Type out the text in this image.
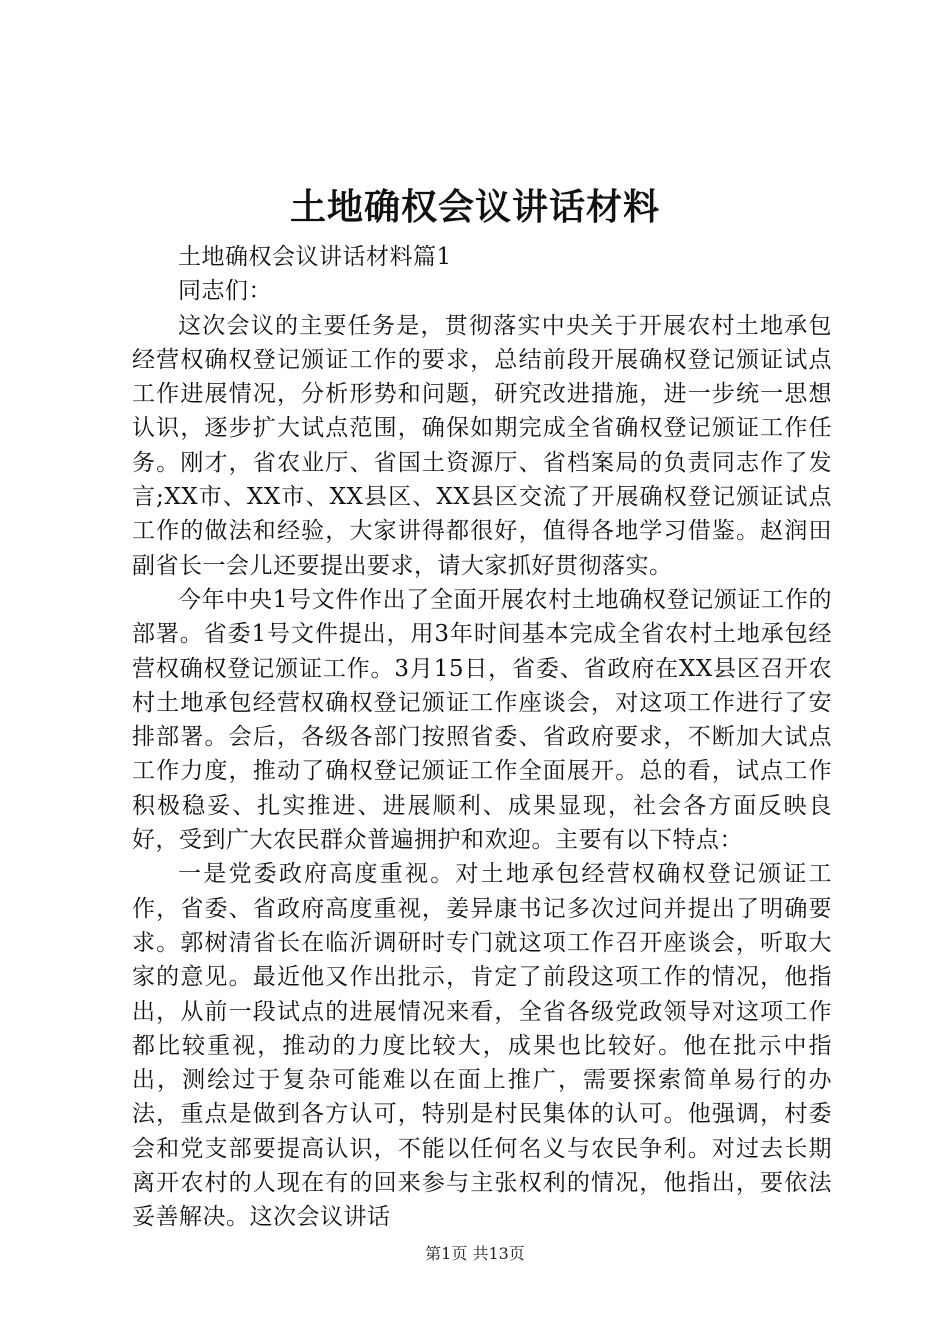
土地确权会议讲话材料

土地确权会议讲话材料篇1

同志们：

这次会议的主要任务是，贯彻落实中央关于开展农村土地承包经营权确权登记颁证工作的要求，总结前段开展确权登记颁证试点工作进展情况，分析形势和问题，研究改进措施，进一步统一思想认识，逐步扩大试点范围，确保如期完成全省确权登记颁证工作任务。刚才，省农业厅、省国土资源厅、省档案局的负责同志作了发言;XX市、XX市、XX县区、XX县区交流了开展确权登记颁证试点工作的做法和经验，大家讲得都很好，值得各地学习借鉴。赵润田副省长一会儿还要提出要求，请大家抓好贯彻落实。

今年中央1号文件作出了全面开展农村土地确权登记颁证工作的部署。省委1号文件提出，用3年时间基本完成全省农村土地承包经营权确权登记颁证工作。3月15日，省委、省政府在XX县区召开农村土地承包经营权确权登记颁证工作座谈会，对这项工作进行了安排部署。会后，各级各部门按照省委、省政府要求，不断加大试点工作力度，推动了确权登记颁证工作全面展开。总的看，试点工作积极稳妥、扎实推进、进展顺利、成果显现，社会各方面反映良好，受到广大农民群众普遍拥护和欢迎。主要有以下特点：

一是党委政府高度重视。对土地承包经营权确权登记颁证工作，省委、省政府高度重视，姜异康书记多次过问并提出了明确要求。郭树清省长在临沂调研时专门就这项工作召开座谈会，听取大家的意见。最近他又作出批示，肯定了前段这项工作的情况，他指出，从前一段试点的进展情况来看，全省各级党政领导对这项工作都比较重视，推动的力度比较大，成果也比较好。他在批示中指出，测绘过于复杂可能难以在面上推广，需要探索简单易行的办法，重点是做到各方认可，特别是村民集体的认可。他强调，村委会和党支部要提高认识，不能以任何名义与农民争利。对过去长期离开农村的人现在有的回来参与主张权利的情况，他指出，要依法妥善解决。这次会议讲话

第1页 共13页
